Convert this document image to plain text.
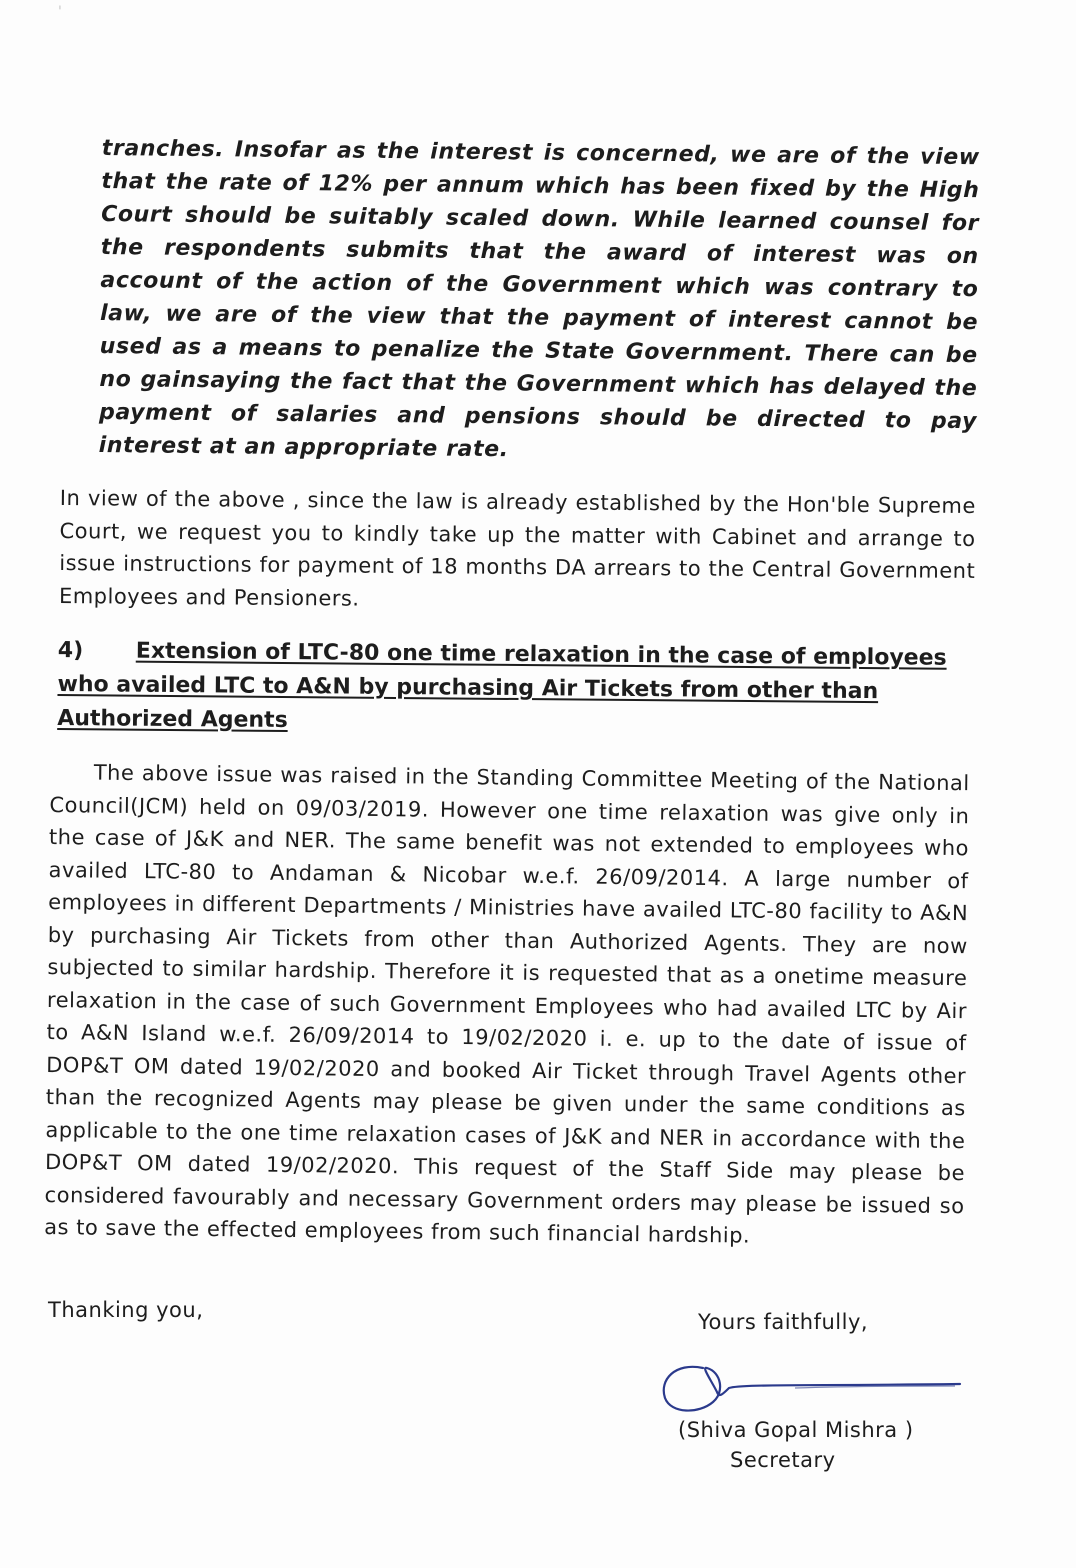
'
tranches. Insofar as the interest is concerned, we are of the view that the rate of 12% per annum which has been fixed by the High Court should be suitably scaled down. While learned counsel for the respondents submits that the award of interest was on account of the action of the Government which was contrary to law, we are of the view that the payment of interest cannot be used as a means to penalize the State Government. There can be no gainsaying the fact that the Government which has delayed the payment of salaries and pensions should be directed to pay interest at an appropriate rate.
In view of the above , since the law is already established by the Hon'ble Supreme Court, we request you to kindly take up the matter with Cabinet and arrange to issue instructions for payment of 18 months DA arrears to the Central Government Employees and Pensioners.
4) Extension of LTC-80 one time relaxation in the case of employees who availed LTC to A&N by purchasing Air Tickets from other than Authorized Agents
The above issue was raised in the Standing Committee Meeting of the National Council(JCM) held on 09/03/2019. However one time relaxation was give only in the case of J&K and NER. The same benefit was not extended to employees who availed LTC-80 to Andaman & Nicobar w.e.f. 26/09/2014. A large number of employees in different Departments / Ministries have availed LTC-80 facility to A&N by purchasing Air Tickets from other than Authorized Agents. They are now subjected to similar hardship. Therefore it is requested that as a onetime measure relaxation in the case of such Government Employees who had availed LTC by Air to A&N Island w.e.f. 26/09/2014 to 19/02/2020 i. e. up to the date of issue of DOP&T OM dated 19/02/2020 and booked Air Ticket through Travel Agents other than the recognized Agents may please be given under the same conditions as applicable to the one time relaxation cases of J&K and NER in accordance with the DOP&T OM dated 19/02/2020. This request of the Staff Side may please be considered favourably and necessary Government orders may please be issued so as to save the effected employees from such financial hardship.
Thanking you,	Yours faithfully,
(Shiva Gopal Mishra )
Secretary
